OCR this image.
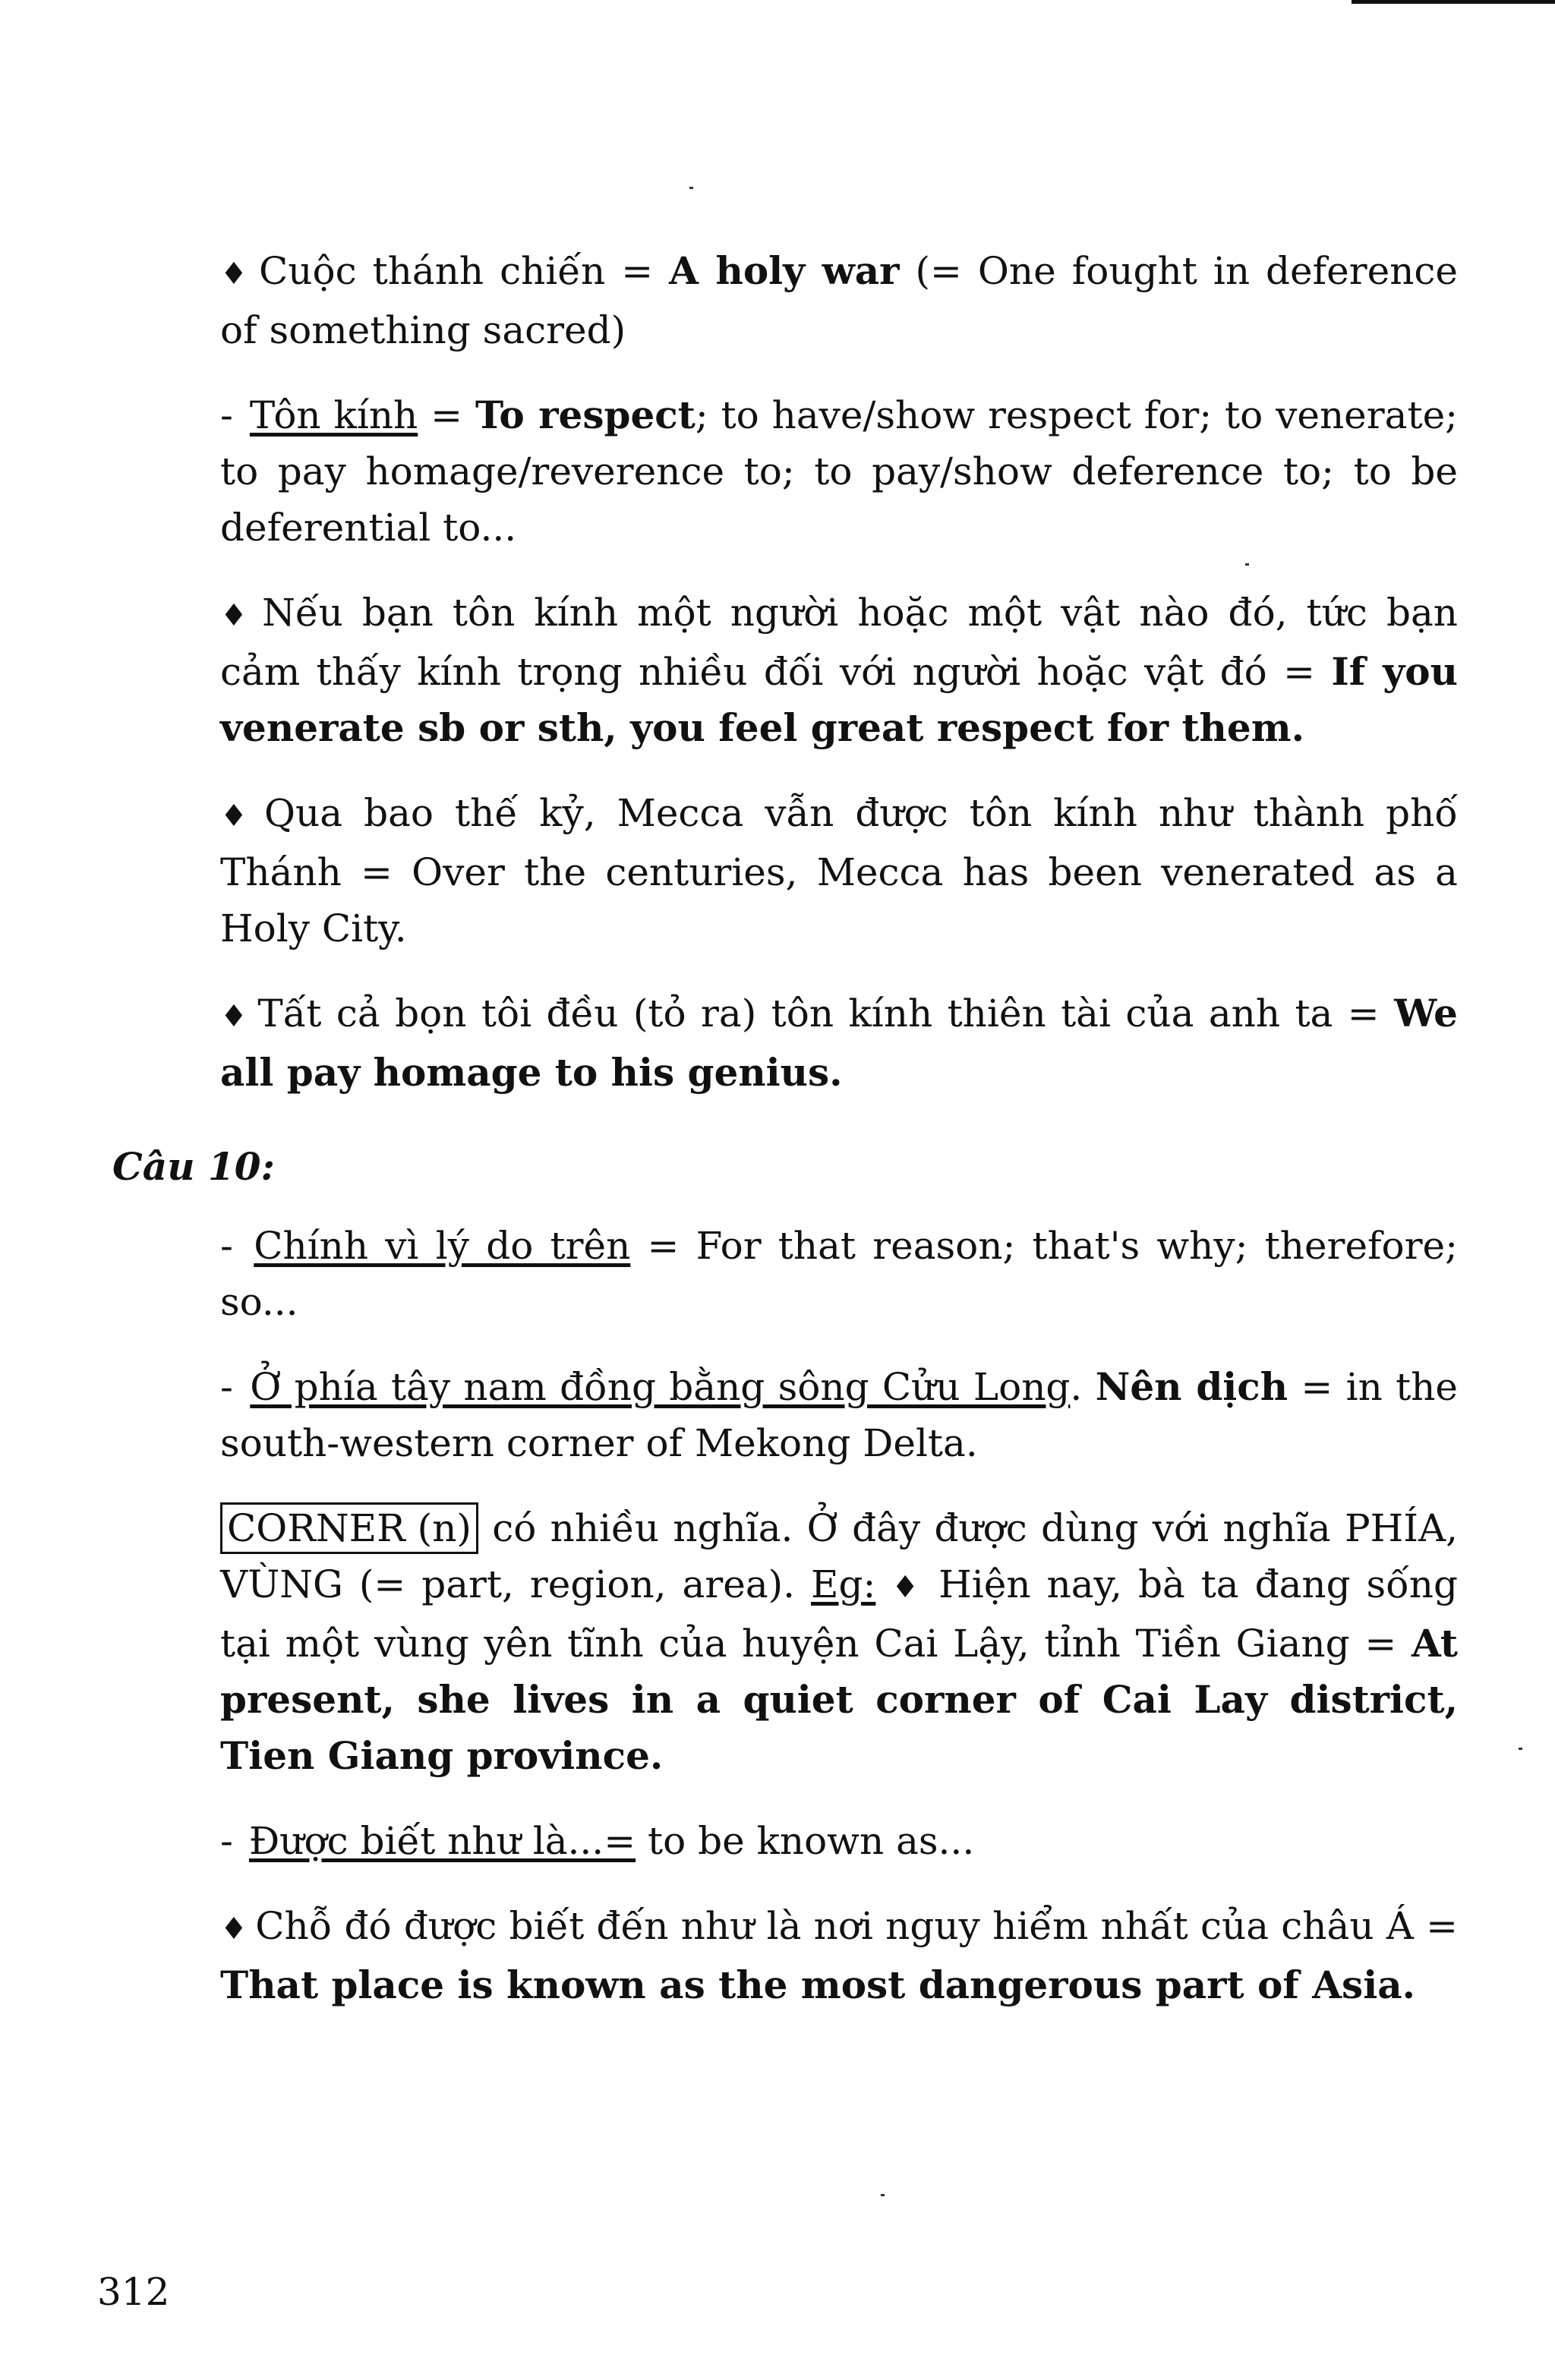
♦ Cuộc thánh chiến = A holy war (= One fought in deference of something sacred)

- Tôn kính = To respect; to have/show respect for; to venerate; to pay homage/reverence to; to pay/show deference to; to be deferential to...

♦ Nếu bạn tôn kính một người hoặc một vật nào đó, tức bạn cảm thấy kính trọng nhiều đối với người hoặc vật đó = If you venerate sb or sth, you feel great respect for them.

♦ Qua bao thế kỷ, Mecca vẫn được tôn kính như thành phố Thánh = Over the centuries, Mecca has been venerated as a Holy City.

♦ Tất cả bọn tôi đều (tỏ ra) tôn kính thiên tài của anh ta = We all pay homage to his genius.

Câu 10:

- Chính vì lý do trên = For that reason; that's why; therefore; so...

- Ở phía tây nam đồng bằng sông Cửu Long. Nên dịch = in the south-western corner of Mekong Delta.

CORNER (n) có nhiều nghĩa. Ở đây được dùng với nghĩa PHÍA, VÙNG (= part, region, area). Eg: ♦ Hiện nay, bà ta đang sống tại một vùng yên tĩnh của huyện Cai Lậy, tỉnh Tiền Giang = At present, she lives in a quiet corner of Cai Lay district, Tien Giang province.

- Được biết như là...= to be known as...

♦ Chỗ đó được biết đến như là nơi nguy hiểm nhất của châu Á = That place is known as the most dangerous part of Asia.

312
